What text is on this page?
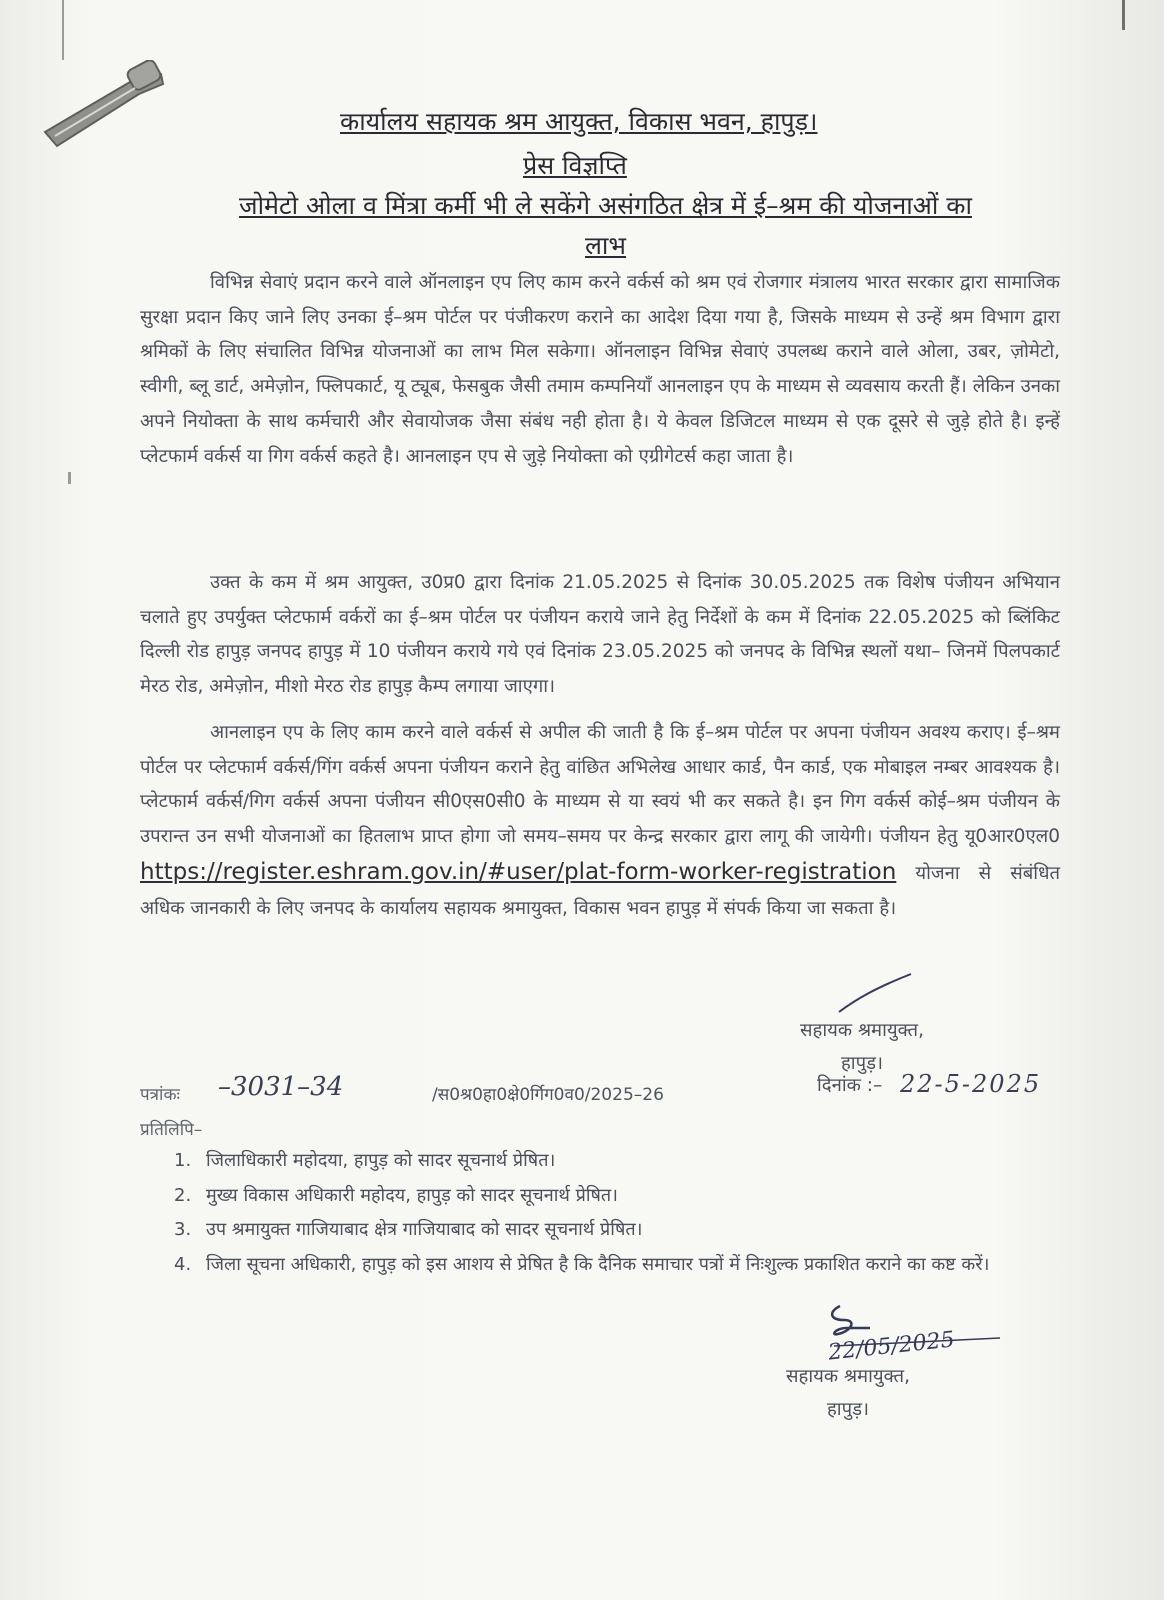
कार्यालय सहायक श्रम आयुक्त, विकास भवन, हापुड़।
प्रेस विज्ञप्ति
जोमेटो ओला व मिंत्रा कर्मी भी ले सकेंगे असंगठित क्षेत्र में ई–श्रम की योजनाओं का
लाभ
विभिन्न सेवाएं प्रदान करने वाले ऑनलाइन एप लिए काम करने वर्कर्स को श्रम एवं रोजगार मंत्रालय भारत सरकार द्वारा सामाजिक सुरक्षा प्रदान किए जाने लिए उनका ई–श्रम पोर्टल पर पंजीकरण कराने का आदेश दिया गया है, जिसके माध्यम से उन्हें श्रम विभाग द्वारा श्रमिकों के लिए संचालित विभिन्न योजनाओं का लाभ मिल सकेगा। ऑनलाइन विभिन्न सेवाएं उपलब्ध कराने वाले ओला, उबर, ज़ोमेटो, स्वीगी, ब्लू डार्ट, अमेज़ोन, फ्लिपकार्ट, यू ट्यूब, फेसबुक जैसी तमाम कम्पनियॉं आनलाइन एप के माध्यम से व्यवसाय करती हैं। लेकिन उनका अपने नियोक्ता के साथ कर्मचारी और सेवायोजक जैसा संबंध नही होता है। ये केवल डिजिटल माध्यम से एक दूसरे से जुड़े होते है। इन्हें प्लेटफार्म वर्कर्स या गिग वर्कर्स कहते है। आनलाइन एप से जुड़े नियोक्ता को एग्रीगेटर्स कहा जाता है।
उक्त के कम में श्रम आयुक्त, उ0प्र0 द्वारा दिनांक 21.05.2025 से दिनांक 30.05.2025 तक विशेष पंजीयन अभियान चलाते हुए उपर्युक्त प्लेटफार्म वर्करों का ई–श्रम पोर्टल पर पंजीयन कराये जाने हेतु निर्देशों के कम में दिनांक 22.05.2025 को ब्लिंकिट दिल्ली रोड हापुड़ जनपद हापुड़ में 10 पंजीयन कराये गये एवं दिनांक 23.05.2025 को जनपद के विभिन्न स्थलों यथा– जिनमें पिलपकार्ट मेरठ रोड, अमेज़ोन, मीशो मेरठ रोड हापुड़ कैम्प लगाया जाएगा।
आनलाइन एप के लिए काम करने वाले वर्कर्स से अपील की जाती है कि ई–श्रम पोर्टल पर अपना पंजीयन अवश्य कराए। ई–श्रम पोर्टल पर प्लेटफार्म वर्कर्स/गिंग वर्कर्स अपना पंजीयन कराने हेतु वांछित अभिलेख आधार कार्ड, पैन कार्ड, एक मोबाइल नम्बर आवश्यक है। प्लेटफार्म वर्कर्स/गिग वर्कर्स अपना पंजीयन सी0एस0सी0 के माध्यम से या स्वयं भी कर सकते है। इन गिग वर्कर्स कोई–श्रम पंजीयन के उपरान्त उन सभी योजनाओं का हितलाभ प्राप्त होगा जो समय–समय पर केन्द्र सरकार द्वारा लागू की जायेगी। पंजीयन हेतु यू0आर0एल0 https://register.eshram.gov.in/#user/plat-form-worker-registration योजना से संबंधित अधिक जानकारी के लिए जनपद के कार्यालय सहायक श्रमायुक्त, विकास भवन हापुड़ में संपर्क किया जा सकता है।
सहायक श्रमायुक्त,
हापुड़।
पत्रांकः –3031–34	/स0श्र0हा0क्षे0र्गिग0व0/2025–26	दिनांक :– 22-5-2025
प्रतिलिपि–
1. जिलाधिकारी महोदया, हापुड़ को सादर सूचनार्थ प्रेषित।
2. मुख्य विकास अधिकारी महोदय, हापुड़ को सादर सूचनार्थ प्रेषित।
3. उप श्रमायुक्त गाजियाबाद क्षेत्र गाजियाबाद को सादर सूचनार्थ प्रेषित।
4. जिला सूचना अधिकारी, हापुड़ को इस आशय से प्रेषित है कि दैनिक समाचार पत्रों में निःशुल्क प्रकाशित कराने का कष्ट करें।
22/05/2025
सहायक श्रमायुक्त,
हापुड़।
